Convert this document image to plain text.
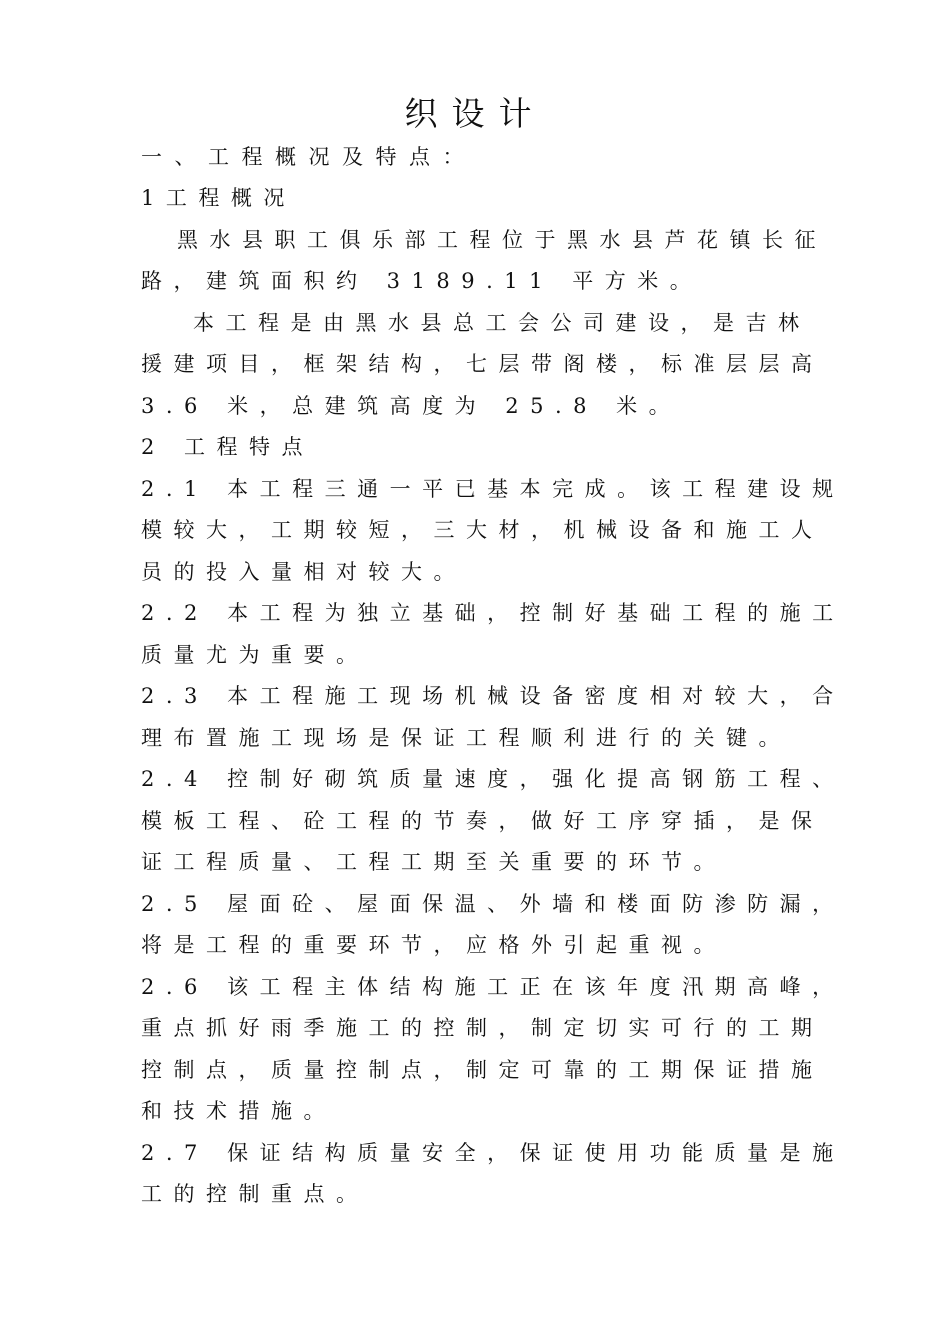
织设计
一、工程概况及特点：
1工程概况
黑水县职工俱乐部工程位于黑水县芦花镇长征
路，建筑面积约 3189.11 平方米。
本工程是由黑水县总工会公司建设，是吉林
援建项目，框架结构，七层带阁楼，标准层层高
3.6 米，总建筑高度为 25.8 米。
2 工程特点
2.1 本工程三通一平已基本完成。该工程建设规
模较大，工期较短，三大材，机械设备和施工人
员的投入量相对较大。
2.2 本工程为独立基础，控制好基础工程的施工
质量尤为重要。
2.3 本工程施工现场机械设备密度相对较大，合
理布置施工现场是保证工程顺利进行的关键。
2.4 控制好砌筑质量速度，强化提高钢筋工程、
模板工程、砼工程的节奏，做好工序穿插，是保
证工程质量、工程工期至关重要的环节。
2.5 屋面砼、屋面保温、外墙和楼面防渗防漏，
将是工程的重要环节，应格外引起重视。
2.6 该工程主体结构施工正在该年度汛期高峰，
重点抓好雨季施工的控制，制定切实可行的工期
控制点，质量控制点，制定可靠的工期保证措施
和技术措施。
2.7 保证结构质量安全，保证使用功能质量是施
工的控制重点。
